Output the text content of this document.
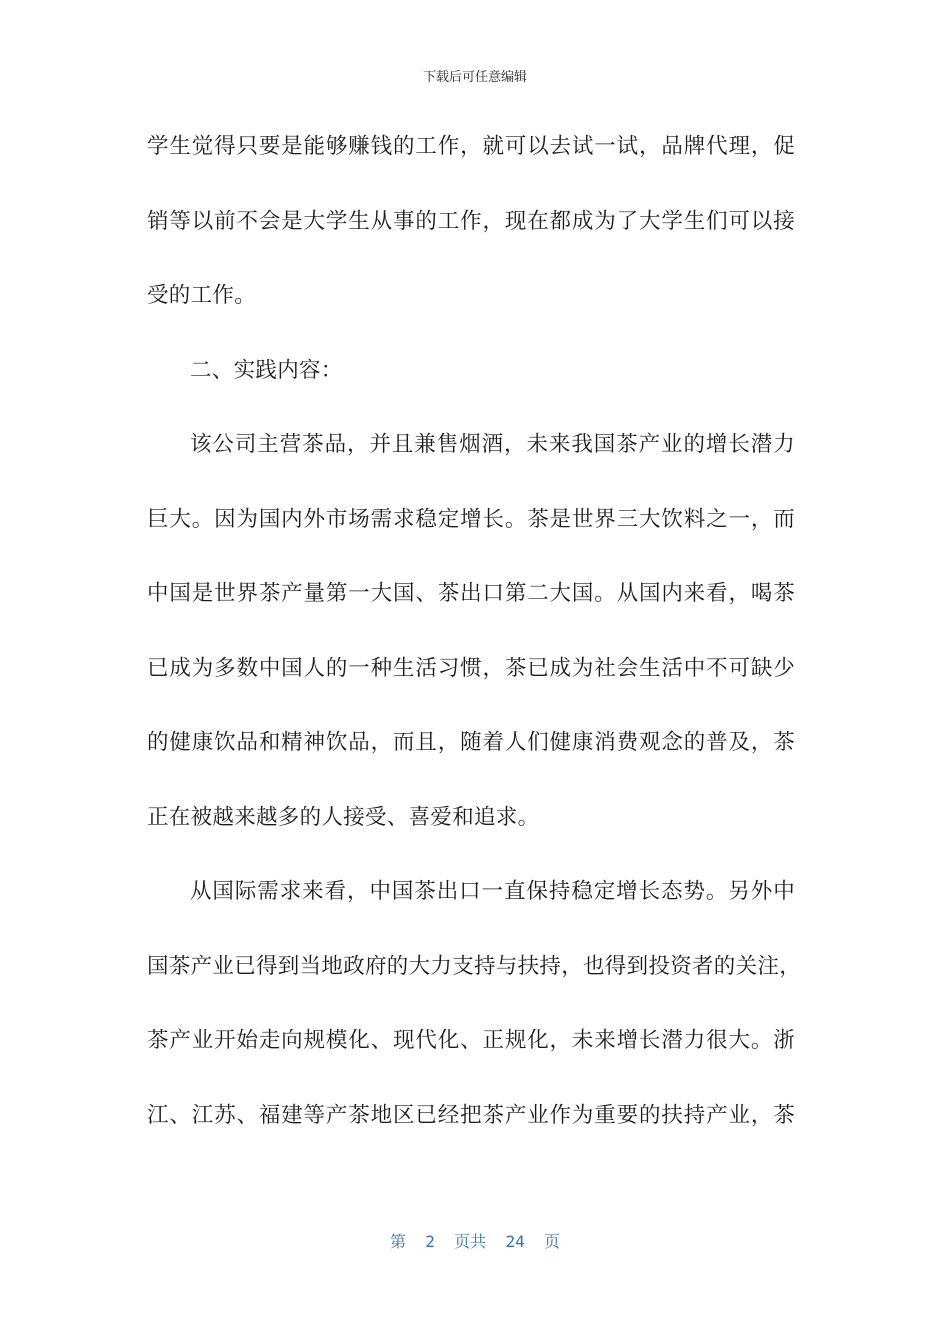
下载后可任意编辑
学生觉得只要是能够赚钱的工作，就可以去试一试，品牌代理，促
销等以前不会是大学生从事的工作，现在都成为了大学生们可以接
受的工作。
二、实践内容：
该公司主营茶品，并且兼售烟酒，未来我国茶产业的增长潜力
巨大。因为国内外市场需求稳定增长。茶是世界三大饮料之一，而
中国是世界茶产量第一大国、茶出口第二大国。从国内来看，喝茶
已成为多数中国人的一种生活习惯，茶已成为社会生活中不可缺少
的健康饮品和精神饮品，而且，随着人们健康消费观念的普及，茶
正在被越来越多的人接受、喜爱和追求。
从国际需求来看，中国茶出口一直保持稳定增长态势。另外中
国茶产业已得到当地政府的大力支持与扶持，也得到投资者的关注，
茶产业开始走向规模化、现代化、正规化，未来增长潜力很大。浙
江、江苏、福建等产茶地区已经把茶产业作为重要的扶持产业，茶
第 2 页共 24 页
